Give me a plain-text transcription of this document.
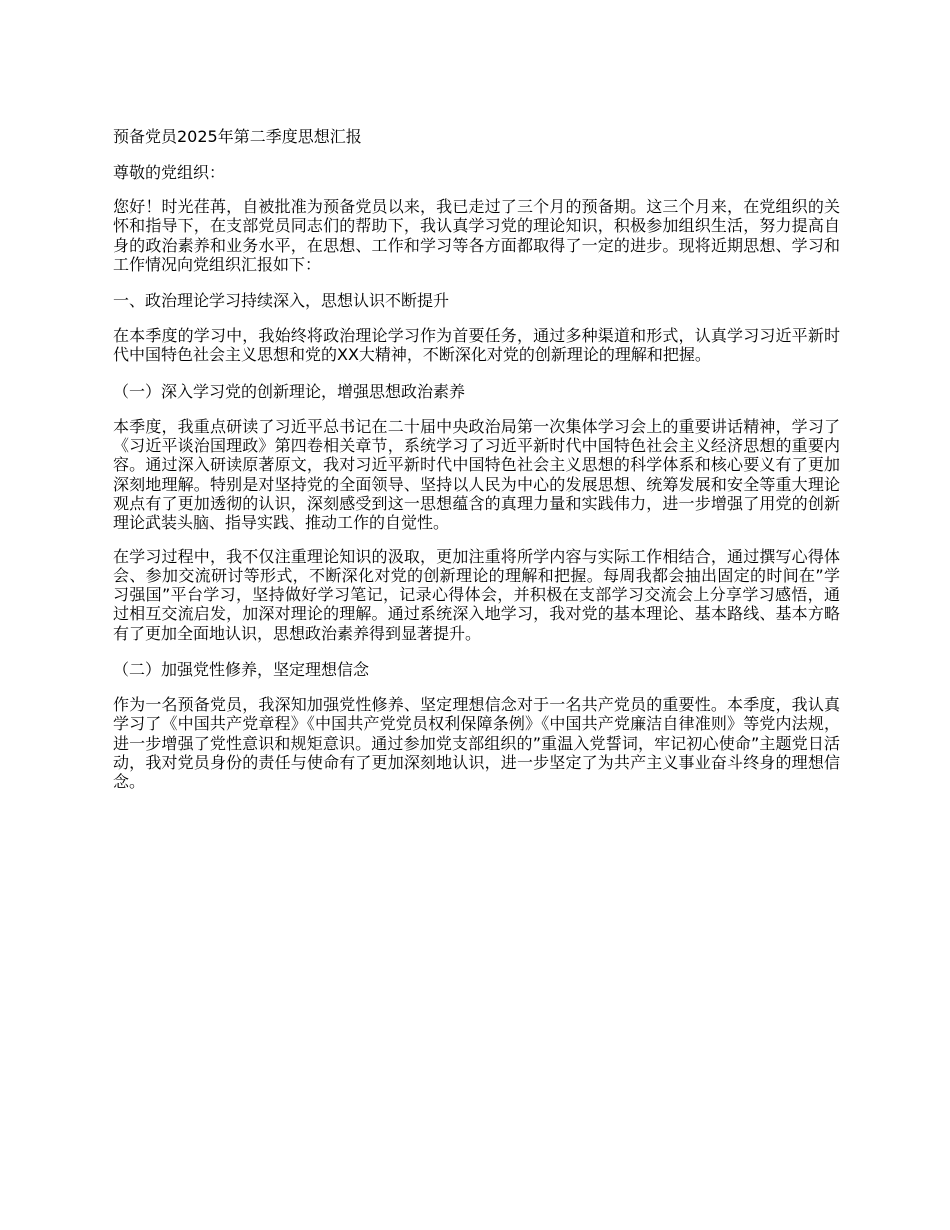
预备党员2025年第二季度思想汇报
尊敬的党组织：
您好！时光荏苒，自被批准为预备党员以来，我已走过了三个月的预备期。这三个月来，在党组织的关怀和指导下，在支部党员同志们的帮助下，我认真学习党的理论知识，积极参加组织生活，努力提高自身的政治素养和业务水平，在思想、工作和学习等各方面都取得了一定的进步。现将近期思想、学习和工作情况向党组织汇报如下：
一、政治理论学习持续深入，思想认识不断提升
在本季度的学习中，我始终将政治理论学习作为首要任务，通过多种渠道和形式，认真学习习近平新时代中国特色社会主义思想和党的XX大精神，不断深化对党的创新理论的理解和把握。
（一）深入学习党的创新理论，增强思想政治素养
本季度，我重点研读了习近平总书记在二十届中央政治局第一次集体学习会上的重要讲话精神，学习了《习近平谈治国理政》第四卷相关章节，系统学习了习近平新时代中国特色社会主义经济思想的重要内容。通过深入研读原著原文，我对习近平新时代中国特色社会主义思想的科学体系和核心要义有了更加深刻地理解。特别是对坚持党的全面领导、坚持以人民为中心的发展思想、统筹发展和安全等重大理论观点有了更加透彻的认识，深刻感受到这一思想蕴含的真理力量和实践伟力，进一步增强了用党的创新理论武装头脑、指导实践、推动工作的自觉性。
在学习过程中，我不仅注重理论知识的汲取，更加注重将所学内容与实际工作相结合，通过撰写心得体会、参加交流研讨等形式，不断深化对党的创新理论的理解和把握。每周我都会抽出固定的时间在”学习强国”平台学习，坚持做好学习笔记，记录心得体会，并积极在支部学习交流会上分享学习感悟，通过相互交流启发，加深对理论的理解。通过系统深入地学习，我对党的基本理论、基本路线、基本方略有了更加全面地认识，思想政治素养得到显著提升。
（二）加强党性修养，坚定理想信念
作为一名预备党员，我深知加强党性修养、坚定理想信念对于一名共产党员的重要性。本季度，我认真学习了《中国共产党章程》《中国共产党党员权利保障条例》《中国共产党廉洁自律准则》等党内法规，进一步增强了党性意识和规矩意识。通过参加党支部组织的”重温入党誓词，牢记初心使命”主题党日活动，我对党员身份的责任与使命有了更加深刻地认识，进一步坚定了为共产主义事业奋斗终身的理想信念。
